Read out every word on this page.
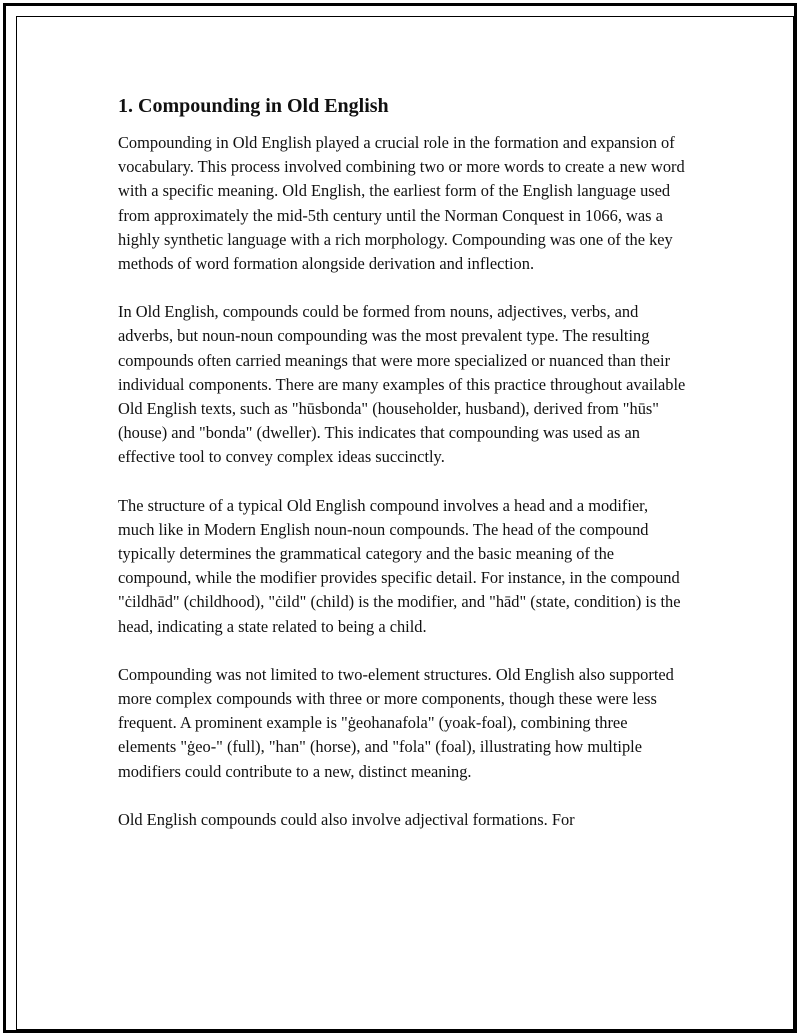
1. Compounding in Old English

Compounding in Old English played a crucial role in the formation and expansion of vocabulary. This process involved combining two or more words to create a new word with a specific meaning. Old English, the earliest form of the English language used from approximately the mid-5th century until the Norman Conquest in 1066, was a highly synthetic language with a rich morphology. Compounding was one of the key methods of word formation alongside derivation and inflection.

In Old English, compounds could be formed from nouns, adjectives, verbs, and adverbs, but noun-noun compounding was the most prevalent type. The resulting compounds often carried meanings that were more specialized or nuanced than their individual components. There are many examples of this practice throughout available Old English texts, such as "hūsbonda" (householder, husband), derived from "hūs" (house) and "bonda" (dweller). This indicates that compounding was used as an effective tool to convey complex ideas succinctly.

The structure of a typical Old English compound involves a head and a modifier, much like in Modern English noun-noun compounds. The head of the compound typically determines the grammatical category and the basic meaning of the compound, while the modifier provides specific detail. For instance, in the compound "ċildhād" (childhood), "ċild" (child) is the modifier, and "hād" (state, condition) is the head, indicating a state related to being a child.

Compounding was not limited to two-element structures. Old English also supported more complex compounds with three or more components, though these were less frequent. A prominent example is "ġeohanafola" (yoak-foal), combining three elements "ġeo-" (full), "han" (horse), and "fola" (foal), illustrating how multiple modifiers could contribute to a new, distinct meaning.

Old English compounds could also involve adjectival formations. For
